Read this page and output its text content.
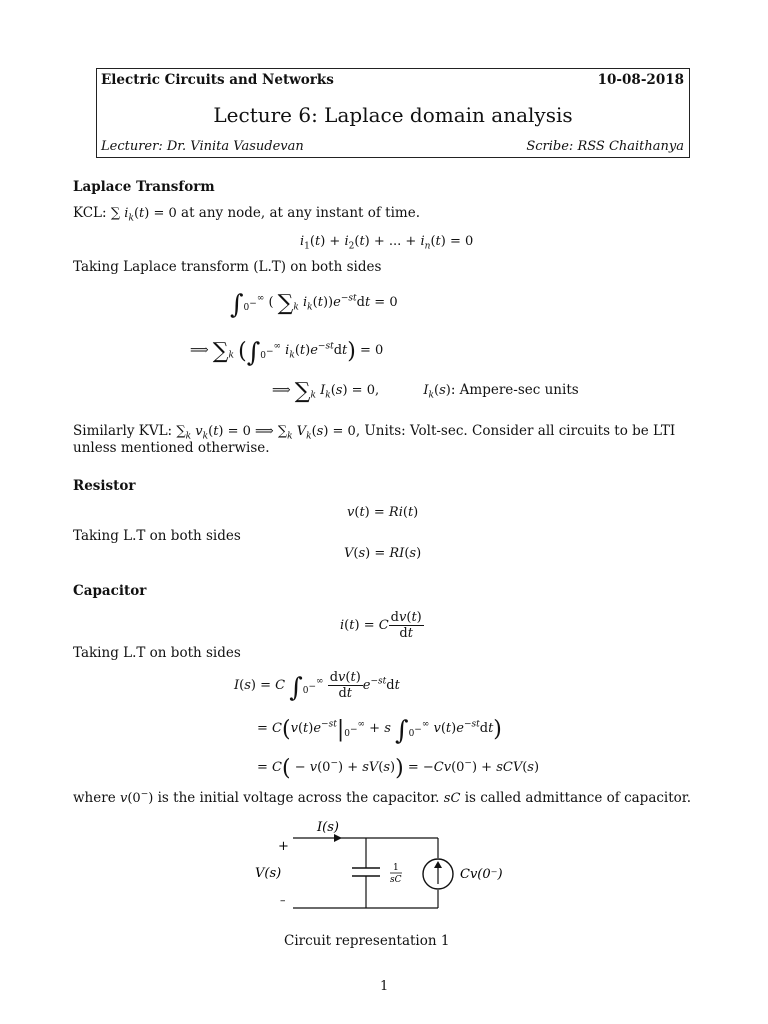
Electric Circuits and Networks	10-08-2018
Lecture 6: Laplace domain analysis
Lecturer: Dr. Vinita Vasudevan	Scribe: RSS Chaithanya
Laplace Transform
KCL: ∑ $i_k(t) = 0$ at any node, at any instant of time.
$i_1(t) + i_2(t)$ + ... + $i_n(t) = 0$
Taking Laplace transform (L.T) on both sides
$\int_{0^-}^\infty$ ( $\sum_k$ $i_k(t))e^{-st}dt = 0$
⟹ $\sum_k$ ($\int_{0^-}^\infty$ $i_k(t)e^{-st}dt) = 0$
⟹ $\sum_k$ $I_k(s) = 0$,	$I_k(s)$: Ampere-sec units
Similarly KVL: $\sum_k$ $v_k(t) = 0$ ⟹ $\sum_k$ $V_k(s) = 0$, Units: Volt-sec. Consider all circuits to be LTI
unless mentioned otherwise.
Resistor
v(t) = Ri(t)
Taking L.T on both sides
V(s) = RI(s)
Capacitor
i(t) = C $\frac{dv(t)}{dt}$
Taking L.T on both sides
I(s) = C $\int_{0^-}^\infty \frac{dv(t)}{dt} e^{-st}dt$
= $C(v(t)e^{-st}|_{0^-}^\infty + s$ $\int_{0^-}^\infty$ $v(t)e^{-st}dt$)
= C( − v(0−) + sV(s)) = −Cv(0−) + sCV(s)
where v(0−) is the initial voltage across the capacitor. sC is called admittance of capacitor.
I(s)
+
V(s)
–
1
sC	Cv(0⁻)
Circuit representation 1
1
